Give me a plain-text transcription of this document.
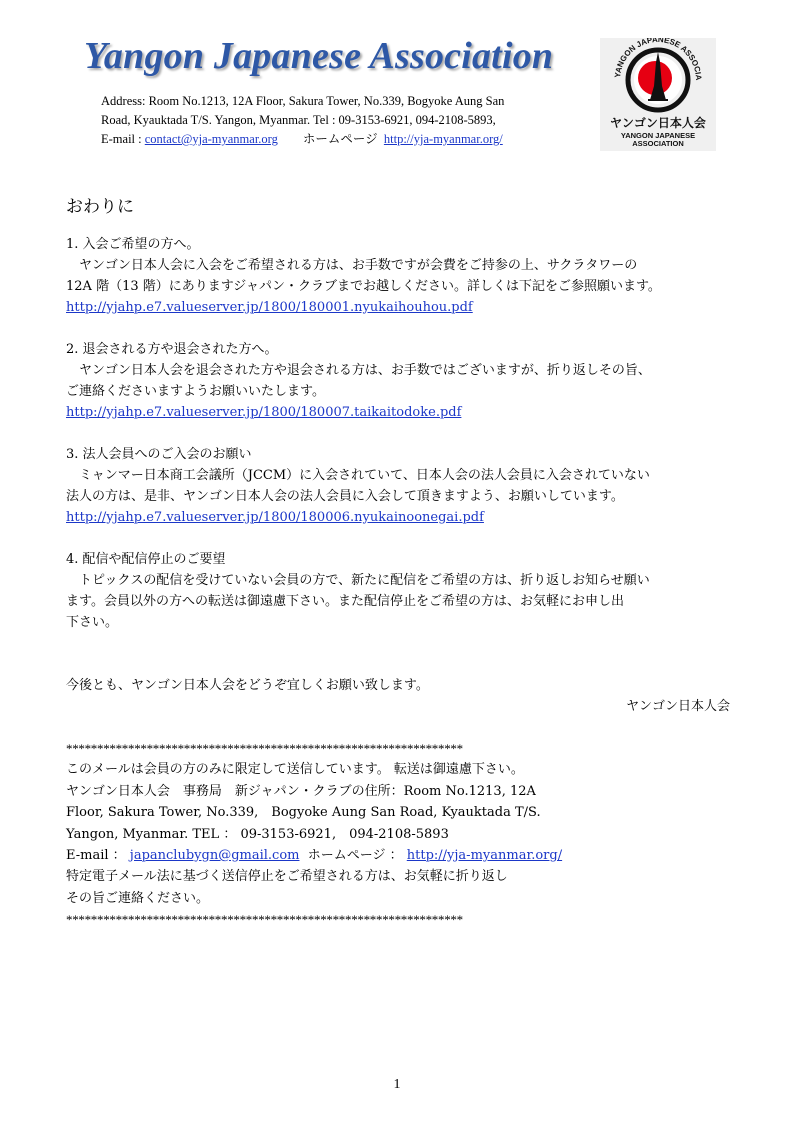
Yangon Japanese Association
Address: Room No.1213, 12A Floor, Sakura Tower, No.339, Bogyoke Aung San
Road, Kyauktada T/S. Yangon, Myanmar. Tel : 09-3153-6921, 094-2108-5893,
E-mail : contact@yja-myanmar.org ホームページ http://yja-myanmar.org/
YANGON JAPANESE ASSOCIA
ヤンゴン日本人会
YANGON JAPANESE
ASSOCIATION
おわりに

1. 入会ご希望の方へ。

ヤンゴン日本人会に入会をご希望される方は、お手数ですが会費をご持参の上、サクラタワーの

12A 階（13 階）にありますジャパン・クラブまでお越しください。詳しくは下記をご参照願います。

http://yjahp.e7.valueserver.jp/1800/180001.nyukaihouhou.pdf

2. 退会される方や退会された方へ。

ヤンゴン日本人会を退会された方や退会される方は、お手数ではございますが、折り返しその旨、

ご連絡くださいますようお願いいたします。

http://yjahp.e7.valueserver.jp/1800/180007.taikaitodoke.pdf

3. 法人会員へのご入会のお願い

ミャンマー日本商工会議所（JCCM）に入会されていて、日本人会の法人会員に入会されていない

法人の方は、是非、ヤンゴン日本人会の法人会員に入会して頂きますよう、お願いしています。

http://yjahp.e7.valueserver.jp/1800/180006.nyukainoonegai.pdf

4. 配信や配信停止のご要望

トピックスの配信を受けていない会員の方で、新たに配信をご希望の方は、折り返しお知らせ願い

ます。会員以外の方への転送は御遠慮下さい。また配信停止をご希望の方は、お気軽にお申し出

下さい。

今後とも、ヤンゴン日本人会をどうぞ宜しくお願い致します。

ヤンゴン日本人会

****************************************************************
このメールは会員の方のみに限定して送信しています。 転送は御遠慮下さい。
ヤンゴン日本人会　事務局　新ジャパン・クラブの住所：Room No.1213, 12A
Floor, Sakura Tower, No.339,　Bogyoke Aung San Road, Kyauktada T/S.
Yangon, Myanmar. TEL ： 09-3153-6921,　094-2108-5893
E-mail ： japanclubygn@gmail.com  ホームページ ： http://yja-myanmar.org/
特定電子メール法に基づく送信停止をご希望される方は、お気軽に折り返し
その旨ご連絡ください。
****************************************************************
1
